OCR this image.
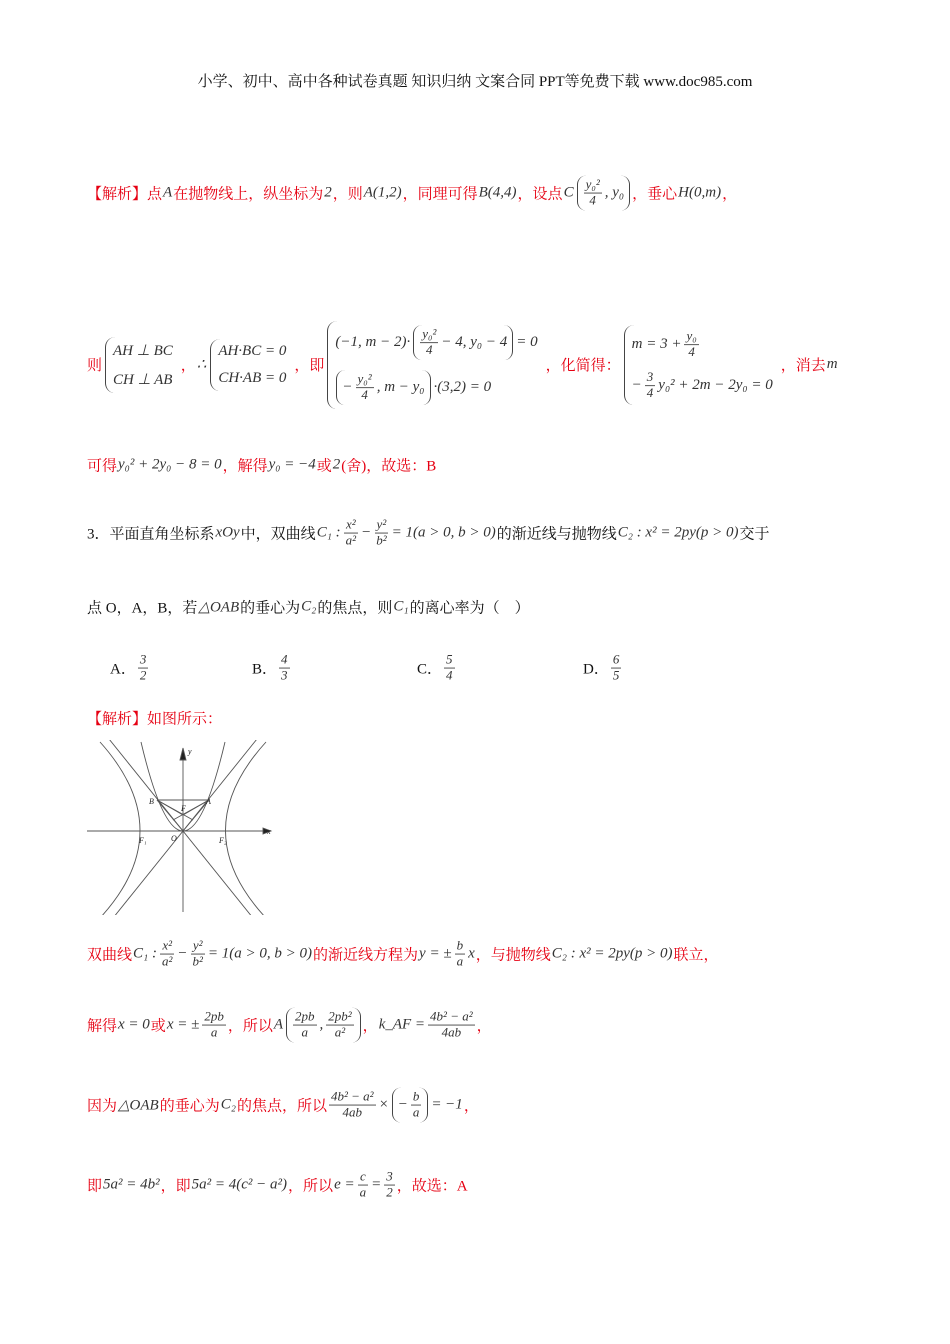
小学、初中、高中各种试卷真题 知识归纳 文案合同 PPT等免费下载 www.doc985.com
【解析】点 A 在抛物线上，纵坐标为 2 ，则 A(1,2) ，同理可得 B(4,4) ，设点 C $\frac{\text{y₀²}}{4}$ , y₀ ，垂心 H(0,m) ，
则
AH ⊥ BC
CH ⊥ AB
， ∴
AH·BC = 0
CH·AB = 0
，即
(−1, $m - 2)\cdot \frac{\text{y₀²}}{4} - 4$, y₀ − 4 = 0
− $\frac{\text{y₀²}}{4}$ , m − y₀ ·(3,2) = 0
，化简得：
$m = 3 + \frac{\text{y₀}}{4}$
− $\frac{3}{4} y_0^2 + 2m - 2y_0 = 0$
，消去 m
可得 y₀² + 2y₀ − 8 = 0 ，解得 y₀ = −4 或 2 (舍)，故选：B
3．平面直角坐标系 xOy 中，双曲线 C₁ : $\frac{\text{x²}}{\text{a²}} - \frac{\text{y²}}{\text{b²}} = 1(a > 0$, b > 0) 的渐近线与抛物线 C₂ : x² = 2py(p > 0) 交于
点 O，A，B，若 △OAB 的垂心为 C₂ 的焦点，则 C₁ 的离心率为（　）
【解析】如图所示：
双曲线 C₁ : $\frac{\text{x²}}{\text{a²}} - \frac{\text{y²}}{\text{b²}} = 1(a > 0$, b > 0) 的渐近线方程为 y = ± $\frac{b}{a}$ x ，与抛物线 C₂ : x² = 2py(p > 0) 联立，
解得 x = 0 或 x = ± $\frac{2pb}{a}$ ，所以 A $\frac{2pb}{a}$ , $\frac{\text{2pb²}}{\text{a²}}$ ， k_AF = $\frac{\text{4b² − a²}}{4ab}$ ，
因为 △OAB 的垂心为 C₂ 的焦点，所以 $\frac{\text{4b² − a²}}{4ab}$ × − $\frac{b}{a} = -1$ ，
即 5a² = 4b² ，即 5a² = 4(c² − a²) ，所以 $e = \frac{c}{a} = \frac{3}{2}$ ，故选：A
A． $\frac{3}{2}$	B． $\frac{4}{3}$	C． $\frac{5}{4}$	D． $\frac{6}{5}$
y
x
B	A
F
O
F₁	F₂
